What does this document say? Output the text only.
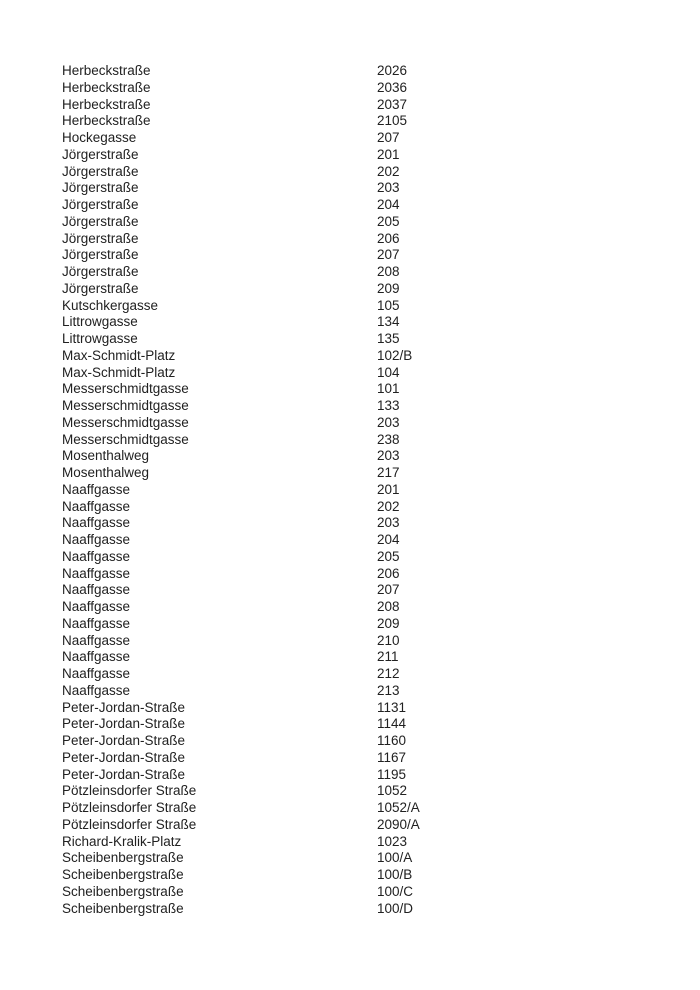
Herbeckstraße	2026
Herbeckstraße	2036
Herbeckstraße	2037
Herbeckstraße	2105
Hockegasse	207
Jörgerstraße	201
Jörgerstraße	202
Jörgerstraße	203
Jörgerstraße	204
Jörgerstraße	205
Jörgerstraße	206
Jörgerstraße	207
Jörgerstraße	208
Jörgerstraße	209
Kutschkergasse	105
Littrowgasse	134
Littrowgasse	135
Max-Schmidt-Platz	102/B
Max-Schmidt-Platz	104
Messerschmidtgasse	101
Messerschmidtgasse	133
Messerschmidtgasse	203
Messerschmidtgasse	238
Mosenthalweg	203
Mosenthalweg	217
Naaffgasse	201
Naaffgasse	202
Naaffgasse	203
Naaffgasse	204
Naaffgasse	205
Naaffgasse	206
Naaffgasse	207
Naaffgasse	208
Naaffgasse	209
Naaffgasse	210
Naaffgasse	211
Naaffgasse	212
Naaffgasse	213
Peter-Jordan-Straße	1131
Peter-Jordan-Straße	1144
Peter-Jordan-Straße	1160
Peter-Jordan-Straße	1167
Peter-Jordan-Straße	1195
Pötzleinsdorfer Straße	1052
Pötzleinsdorfer Straße	1052/A
Pötzleinsdorfer Straße	2090/A
Richard-Kralik-Platz	1023
Scheibenbergstraße	100/A
Scheibenbergstraße	100/B
Scheibenbergstraße	100/C
Scheibenbergstraße	100/D
